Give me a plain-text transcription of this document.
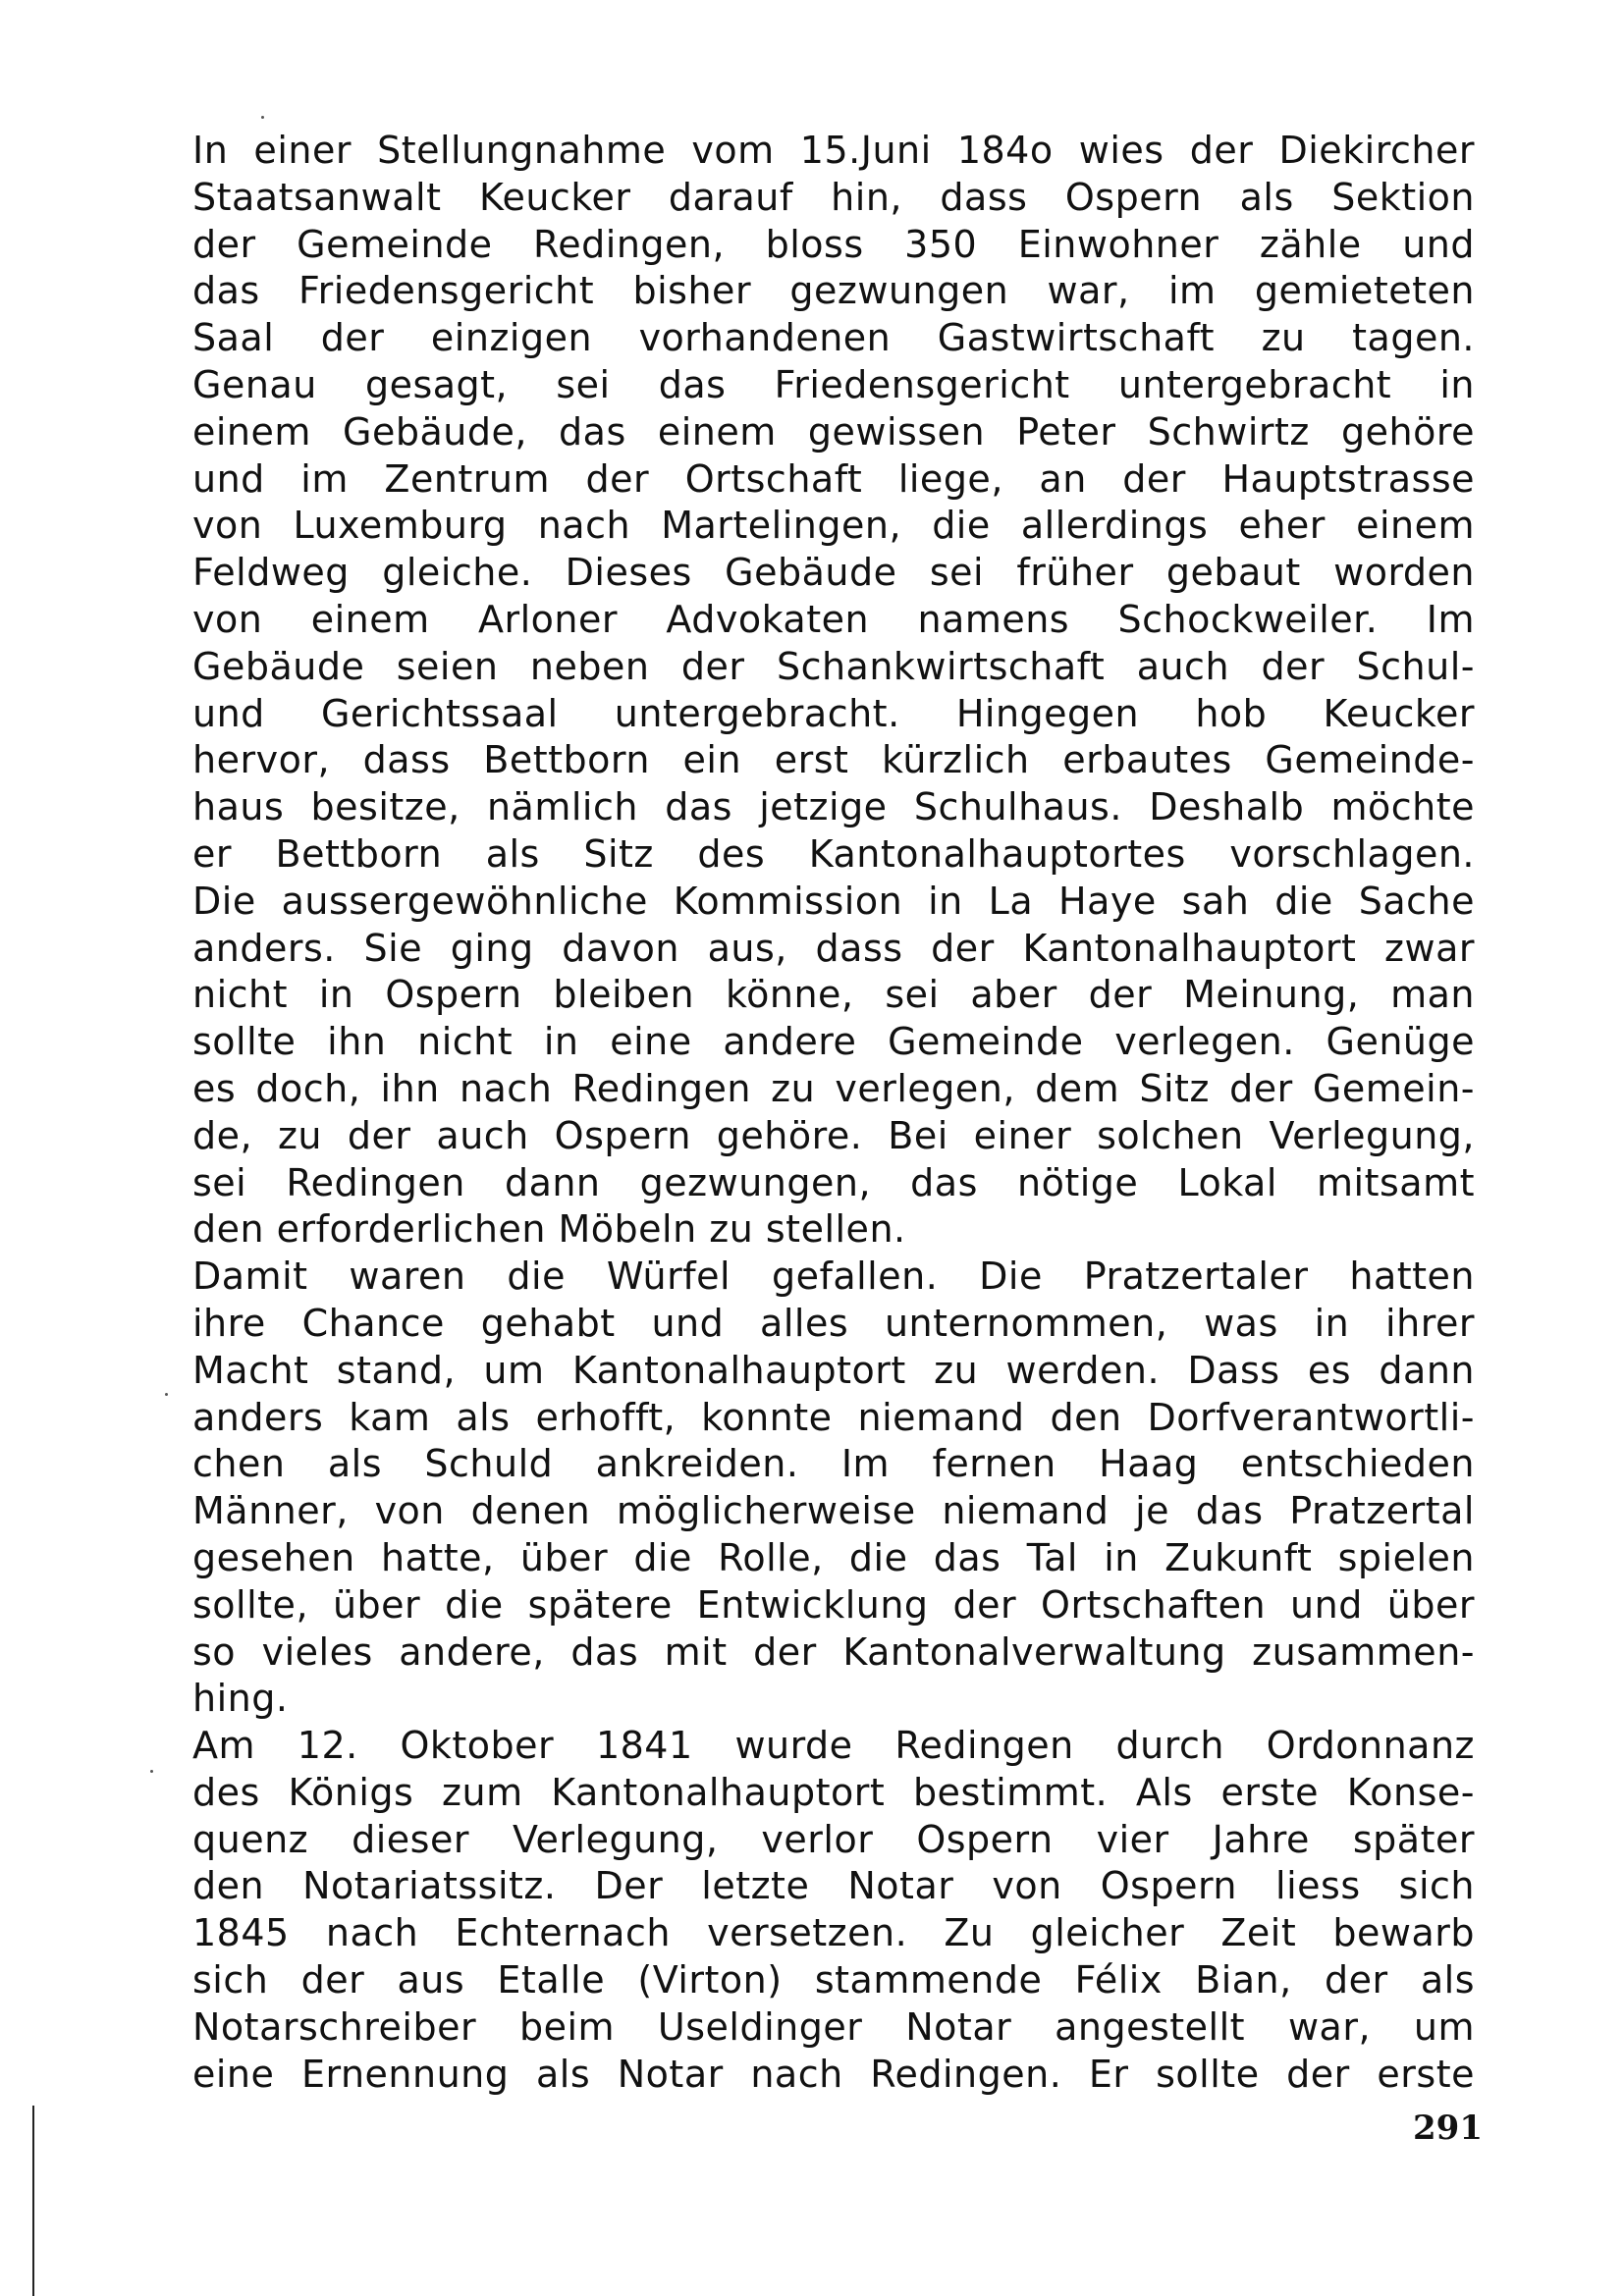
In einer Stellungnahme vom 15.Juni 184o wies der Diekircher
Staatsanwalt Keucker darauf hin, dass Ospern als Sektion
der Gemeinde Redingen, bloss 350 Einwohner zähle und
das Friedensgericht bisher gezwungen war, im gemieteten
Saal der einzigen vorhandenen Gastwirtschaft zu tagen.
Genau gesagt, sei das Friedensgericht untergebracht in
einem Gebäude, das einem gewissen Peter Schwirtz gehöre
und im Zentrum der Ortschaft liege, an der Hauptstrasse
von Luxemburg nach Martelingen, die allerdings eher einem
Feldweg gleiche. Dieses Gebäude sei früher gebaut worden
von einem Arloner Advokaten namens Schockweiler. Im
Gebäude seien neben der Schankwirtschaft auch der Schul-
und Gerichtssaal untergebracht. Hingegen hob Keucker
hervor, dass Bettborn ein erst kürzlich erbautes Gemeinde-
haus besitze, nämlich das jetzige Schulhaus. Deshalb möchte
er Bettborn als Sitz des Kantonalhauptortes vorschlagen.
Die aussergewöhnliche Kommission in La Haye sah die Sache
anders. Sie ging davon aus, dass der Kantonalhauptort zwar
nicht in Ospern bleiben könne, sei aber der Meinung, man
sollte ihn nicht in eine andere Gemeinde verlegen. Genüge
es doch, ihn nach Redingen zu verlegen, dem Sitz der Gemein-
de, zu der auch Ospern gehöre. Bei einer solchen Verlegung,
sei Redingen dann gezwungen, das nötige Lokal mitsamt
den erforderlichen Möbeln zu stellen.
Damit waren die Würfel gefallen. Die Pratzertaler hatten
ihre Chance gehabt und alles unternommen, was in ihrer
Macht stand, um Kantonalhauptort zu werden. Dass es dann
anders kam als erhofft, konnte niemand den Dorfverantwortli-
chen als Schuld ankreiden. Im fernen Haag entschieden
Männer, von denen möglicherweise niemand je das Pratzertal
gesehen hatte, über die Rolle, die das Tal in Zukunft spielen
sollte, über die spätere Entwicklung der Ortschaften und über
so vieles andere, das mit der Kantonalverwaltung zusammen-
hing.
Am 12. Oktober 1841 wurde Redingen durch Ordonnanz
des Königs zum Kantonalhauptort bestimmt. Als erste Konse-
quenz dieser Verlegung, verlor Ospern vier Jahre später
den Notariatssitz. Der letzte Notar von Ospern liess sich
1845 nach Echternach versetzen. Zu gleicher Zeit bewarb
sich der aus Etalle (Virton) stammende Félix Bian, der als
Notarschreiber beim Useldinger Notar angestellt war, um
eine Ernennung als Notar nach Redingen. Er sollte der erste
291
